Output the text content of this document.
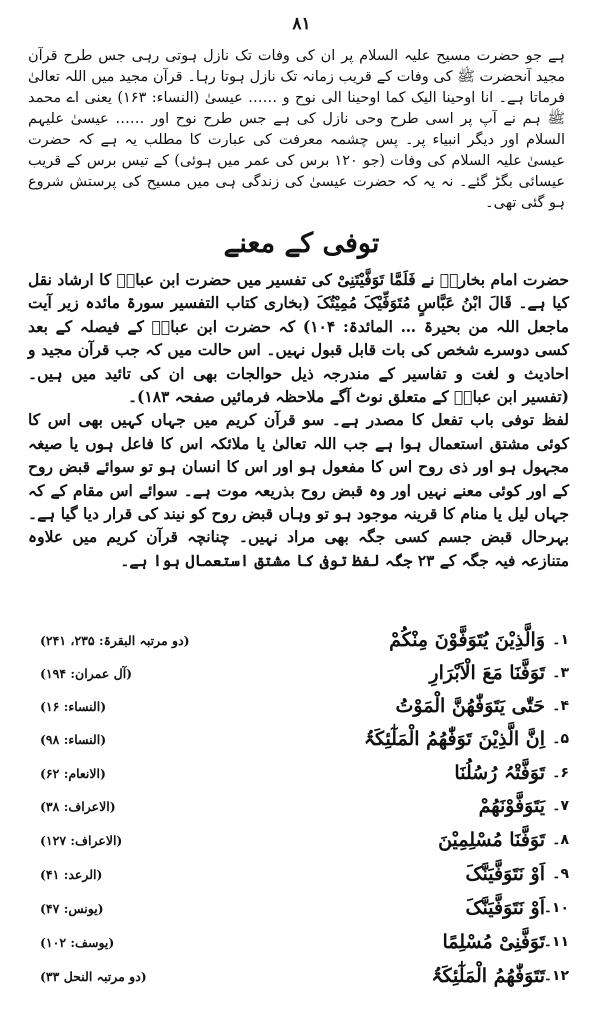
۸۱

ہے جو حضرت مسیح علیہ السلام پر ان کی وفات تک نازل ہوتی رہی جس طرح قرآن مجید آنحضرت ﷺ کی وفات کے قریب زمانہ تک نازل ہوتا رہا۔ قرآن مجید میں اللہ تعالیٰ فرماتا ہے۔ انا اوحینا الیک کما اوحینا الی نوح و …… عیسیٰ (النساء: ۱۶۳) یعنی اے محمد ﷺ ہم نے آپ پر اسی طرح وحی نازل کی ہے جس طرح نوح اور …… عیسیٰ علیہم السلام اور دیگر انبیاء پر۔ پس چشمہ معرفت کی عبارت کا مطلب یہ ہے کہ حضرت عیسیٰ علیہ السلام کی وفات (جو ۱۲۰ برس کی عمر میں ہوئی) کے تیس برس کے قریب عیسائی بگڑ گئے۔ نہ یہ کہ حضرت عیسیٰ کی زندگی ہی میں مسیح کی پرستش شروع ہو گئی تھی۔

توفی کے معنے

حضرت امام بخاریؒ نے فَلَمَّا تَوَفَّیْتَنِیْ کی تفسیر میں حضرت ابن عباسؓ کا ارشاد نقل کیا ہے۔ قَالَ ابْنُ عَبَّاسٍ مُتَوَفِّیْکَ مُمِیْتُکَ (بخاری کتاب التفسیر سورۃ مائدہ زیر آیت ماجعل اللہ من بحیرۃ … المائدۃ: ۱۰۴) کہ حضرت ابن عباسؓ کے فیصلہ کے بعد کسی دوسرے شخص کی بات قابل قبول نہیں۔ اس حالت میں کہ جب قرآن مجید و احادیث و لغت و تفاسیر کے مندرجہ ذیل حوالجات بھی ان کی تائید میں ہیں۔ (تفسیر ابن عباسؓ کے متعلق نوٹ آگے ملاحظہ فرمائیں صفحہ ۱۸۳)۔

لفظ توفی باب تفعل کا مصدر ہے۔ سو قرآن کریم میں جہاں کہیں بھی اس کا کوئی مشتق استعمال ہوا ہے جب اللہ تعالیٰ یا ملائکہ اس کا فاعل ہوں یا صیغہ مجہول ہو اور ذی روح اس کا مفعول ہو اور اس کا انسان ہو تو سوائے قبض روح کے اور کوئی معنے نہیں اور وہ قبض روح بذریعہ موت ہے۔ سوائے اس مقام کے کہ جہاں لیل یا منام کا قرینہ موجود ہو تو وہاں قبض روح کو نیند کی قرار دیا گیا ہے۔ بہرحال قبض جسم کسی جگہ بھی مراد نہیں۔ چنانچہ قرآن کریم میں علاوہ متنازعہ فیہ جگہ کے ۲۳ جگہ لفظ توفی کا مشتق استعمال ہوا ہے۔

۱۔
وَالَّذِیْنَ یُتَوَفَّوْنَ مِنْکُمْ
(دو مرتبہ البقرۃ: ۲۳۵، ۲۴۱)
۳۔
تَوَفَّنَا مَعَ الْاَبْرَارِ
(آل عمران: ۱۹۴)
۴۔
حَتّٰی یَتَوَفّٰھُنَّ الْمَوْتُ
(النساء: ۱۶)
۵۔
اِنَّ الَّذِیْنَ تَوَفّٰھُمُ الْمَلٰٓئِکَۃُ
(النساء: ۹۸)
۶۔
تَوَفَّتْہُ رُسُلُنَا
(الانعام: ۶۲)
۷۔
یَتَوَفَّوْنَھُمْ
(الاعراف: ۳۸)
۸۔
تَوَفَّنَا مُسْلِمِیْنَ
(الاعراف: ۱۲۷)
۹۔
اَوْ نَتَوَفَّیَنَّکَ
(الرعد: ۴۱)
۱۰۔
اَوْ نَتَوَفَّیَنَّکَ
(یونس: ۴۷)
۱۱۔
تَوَفَّنِیْ مُسْلِمًا
(یوسف: ۱۰۲)
۱۲۔
تَتَوَفّٰھُمُ الْمَلٰٓئِکَۃُ
(دو مرتبہ النحل ۳۳)
